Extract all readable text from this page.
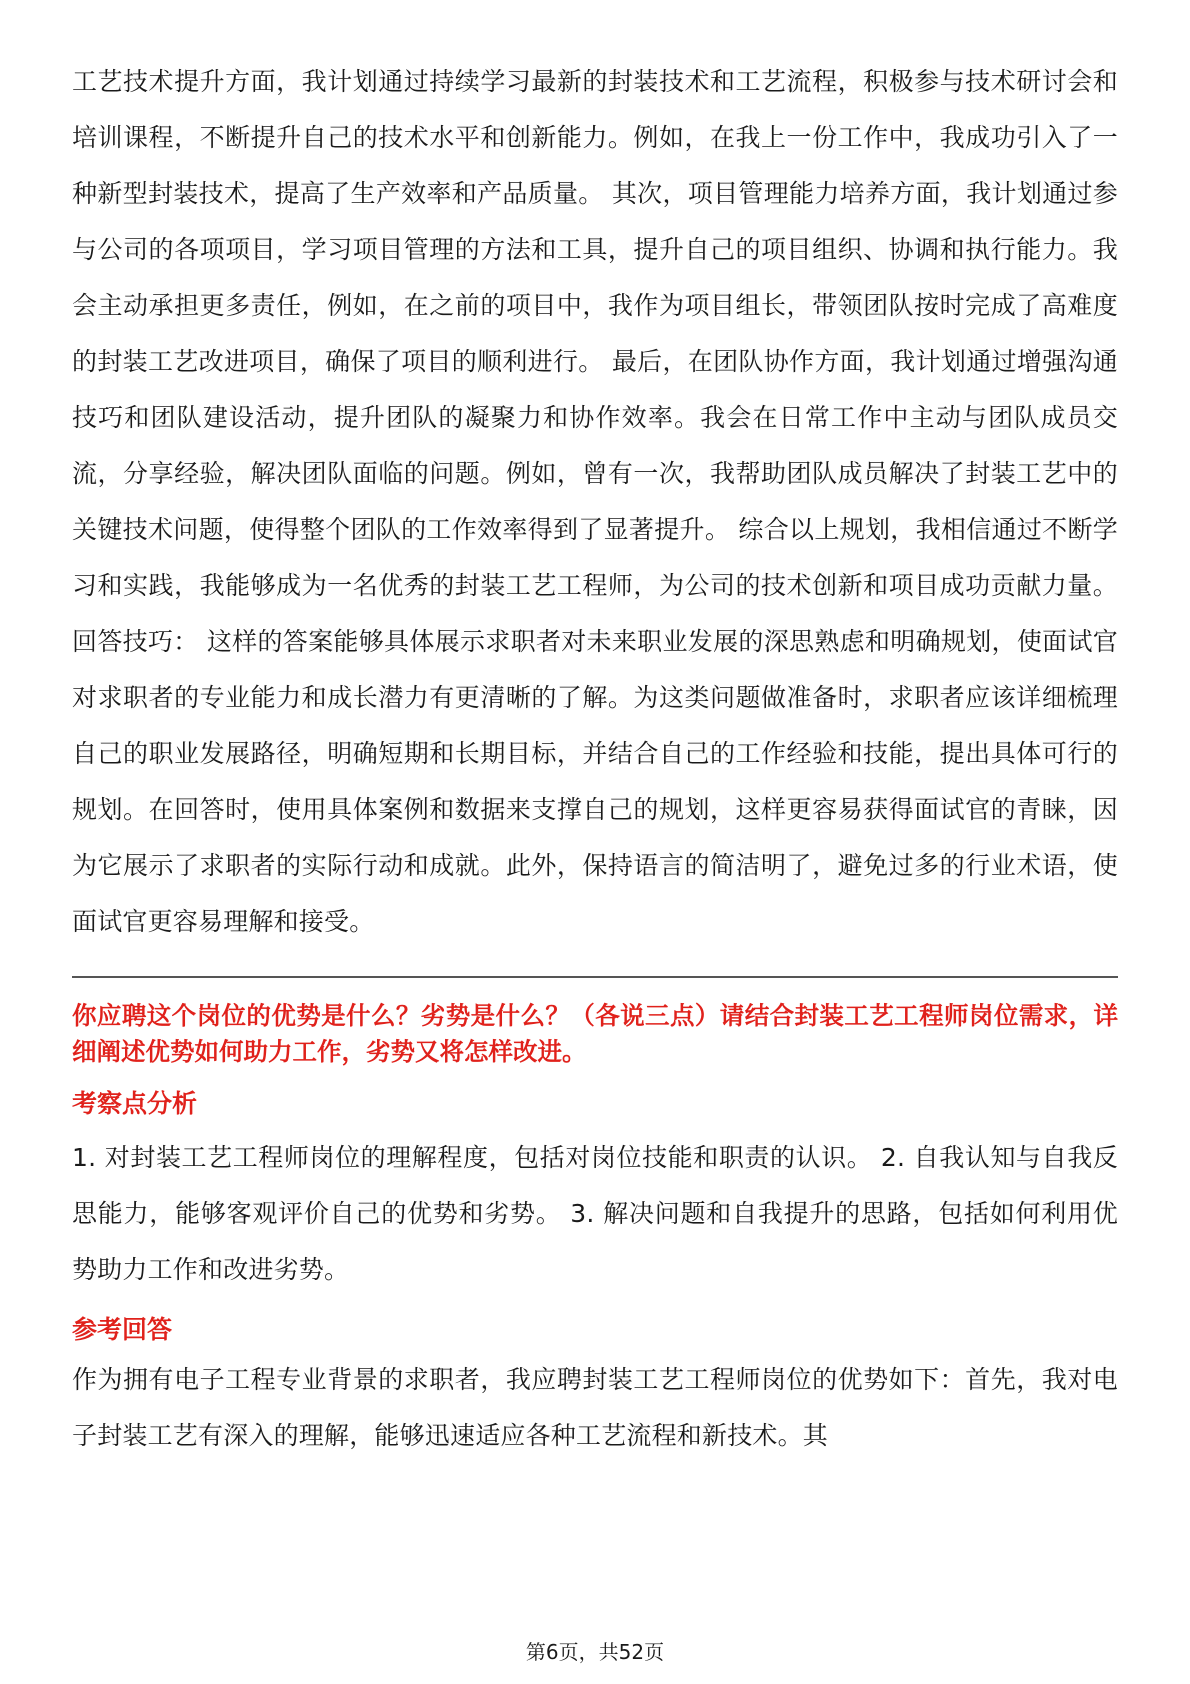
工艺技术提升方面，我计划通过持续学习最新的封装技术和工艺流程，积极参与技术研讨会和培训课程，不断提升自己的技术水平和创新能力。例如，在我上一份工作中，我成功引入了一种新型封装技术，提高了生产效率和产品质量。 其次，项目管理能力培养方面，我计划通过参与公司的各项项目，学习项目管理的方法和工具，提升自己的项目组织、协调和执行能力。我会主动承担更多责任，例如，在之前的项目中，我作为项目组长，带领团队按时完成了高难度的封装工艺改进项目，确保了项目的顺利进行。 最后，在团队协作方面，我计划通过增强沟通技巧和团队建设活动，提升团队的凝聚力和协作效率。我会在日常工作中主动与团队成员交流，分享经验，解决团队面临的问题。例如，曾有一次，我帮助团队成员解决了封装工艺中的关键技术问题，使得整个团队的工作效率得到了显著提升。 综合以上规划，我相信通过不断学习和实践，我能够成为一名优秀的封装工艺工程师，为公司的技术创新和项目成功贡献力量。 回答技巧： 这样的答案能够具体展示求职者对未来职业发展的深思熟虑和明确规划，使面试官对求职者的专业能力和成长潜力有更清晰的了解。为这类问题做准备时，求职者应该详细梳理自己的职业发展路径，明确短期和长期目标，并结合自己的工作经验和技能，提出具体可行的规划。在回答时，使用具体案例和数据来支撑自己的规划，这样更容易获得面试官的青睐，因为它展示了求职者的实际行动和成就。此外，保持语言的简洁明了，避免过多的行业术语，使面试官更容易理解和接受。

你应聘这个岗位的优势是什么？劣势是什么？（各说三点）请结合封装工艺工程师岗位需求，详细阐述优势如何助力工作，劣势又将怎样改进。

考察点分析

1. 对封装工艺工程师岗位的理解程度，包括对岗位技能和职责的认识。 2. 自我认知与自我反思能力，能够客观评价自己的优势和劣势。 3. 解决问题和自我提升的思路，包括如何利用优势助力工作和改进劣势。

参考回答

作为拥有电子工程专业背景的求职者，我应聘封装工艺工程师岗位的优势如下：首先，我对电子封装工艺有深入的理解，能够迅速适应各种工艺流程和新技术。其

第6页，共52页
